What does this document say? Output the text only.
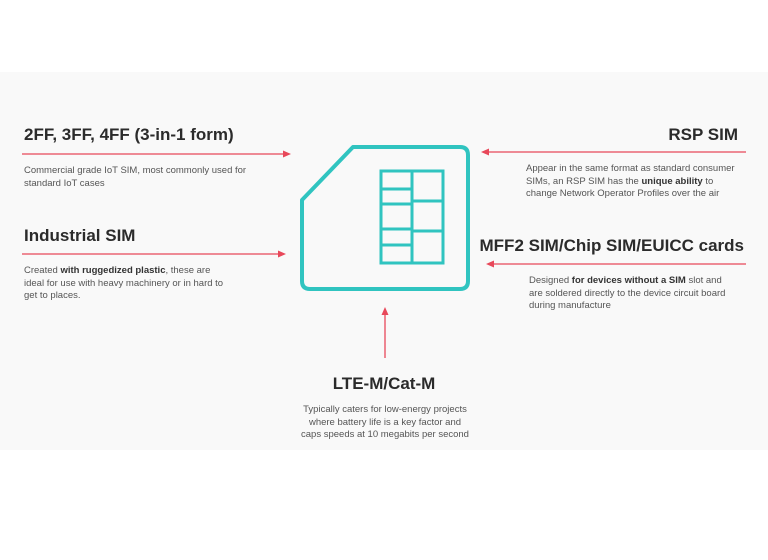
2FF, 3FF, 4FF (3-in-1 form)
Commercial grade IoT SIM, most commonly used for standard IoT cases
RSP SIM
Appear in the same format as standard consumer SIMs, an RSP SIM has the unique ability to change Network Operator Profiles over the air
Industrial SIM
Created with ruggedized plastic, these are ideal for use with heavy machinery or in hard to get to places.
MFF2 SIM/Chip SIM/EUICC cards
Designed for devices without a SIM slot and are soldered directly to the device circuit board during manufacture
LTE-M/Cat-M
Typically caters for low-energy projects where battery life is a key factor and caps speeds at 10 megabits per second
